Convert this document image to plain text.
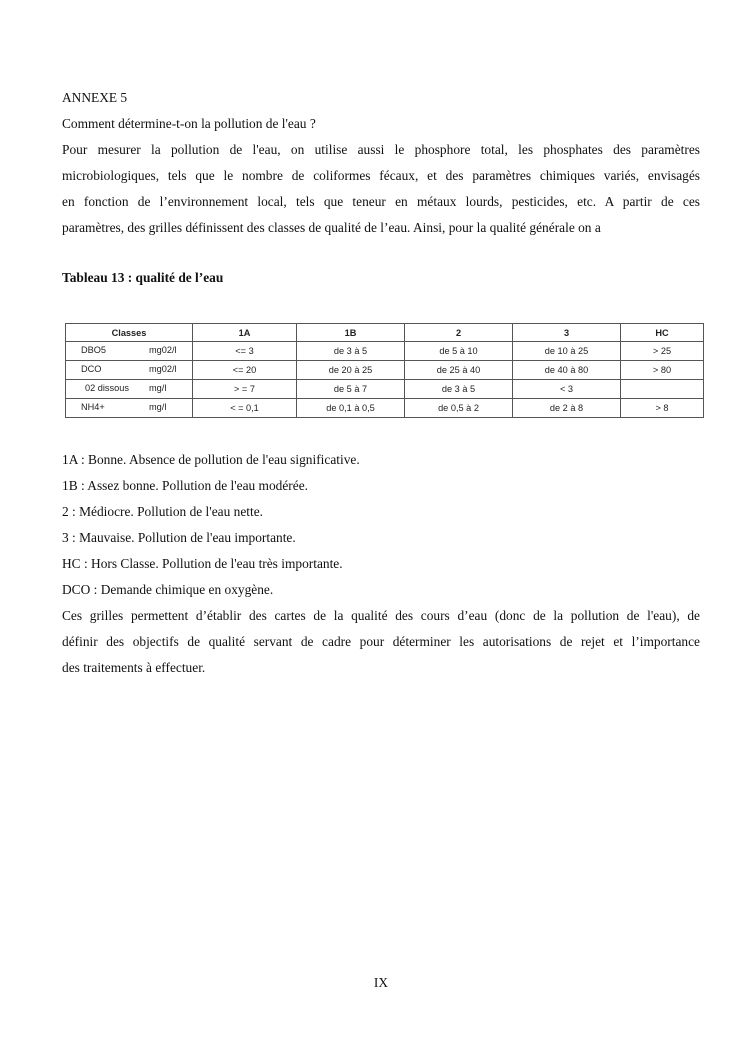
ANNEXE 5
Comment détermine-t-on la pollution de l'eau ?
Pour mesurer la pollution de l'eau, on utilise aussi le phosphore total, les phosphates des paramètres
microbiologiques, tels que le nombre de coliformes fécaux, et des paramètres chimiques variés, envisagés
en fonction de l’environnement local, tels que teneur en métaux lourds, pesticides, etc. A partir de ces
paramètres, des grilles définissent des classes de qualité de l’eau. Ainsi, pour la qualité générale on a
Tableau 13 : qualité de l’eau
Classes	1A	1B	2	3	HC

DBO5 mg02/l	<= 3	de 3 à 5	de 5 à 10	de 10 à 25	> 25

DCO mg02/l	<= 20	de 20 à 25	de 25 à 40	de 40 à 80	> 80

02 dissous mg/l	> = 7	de 5 à 7	de 3 à 5	< 3	

NH4+ mg/l	< = 0,1	de 0,1 à 0,5	de 0,5 à 2	de 2 à 8	> 8
1A : Bonne. Absence de pollution de l'eau significative.
1B : Assez bonne. Pollution de l'eau modérée.
2 : Médiocre. Pollution de l'eau nette.
3 : Mauvaise. Pollution de l'eau importante.
HC : Hors Classe. Pollution de l'eau très importante.
DCO : Demande chimique en oxygène.
Ces grilles permettent d’établir des cartes de la qualité des cours d’eau (donc de la pollution de l'eau), de
définir des objectifs de qualité servant de cadre pour déterminer les autorisations de rejet et l’importance
des traitements à effectuer.
IX
